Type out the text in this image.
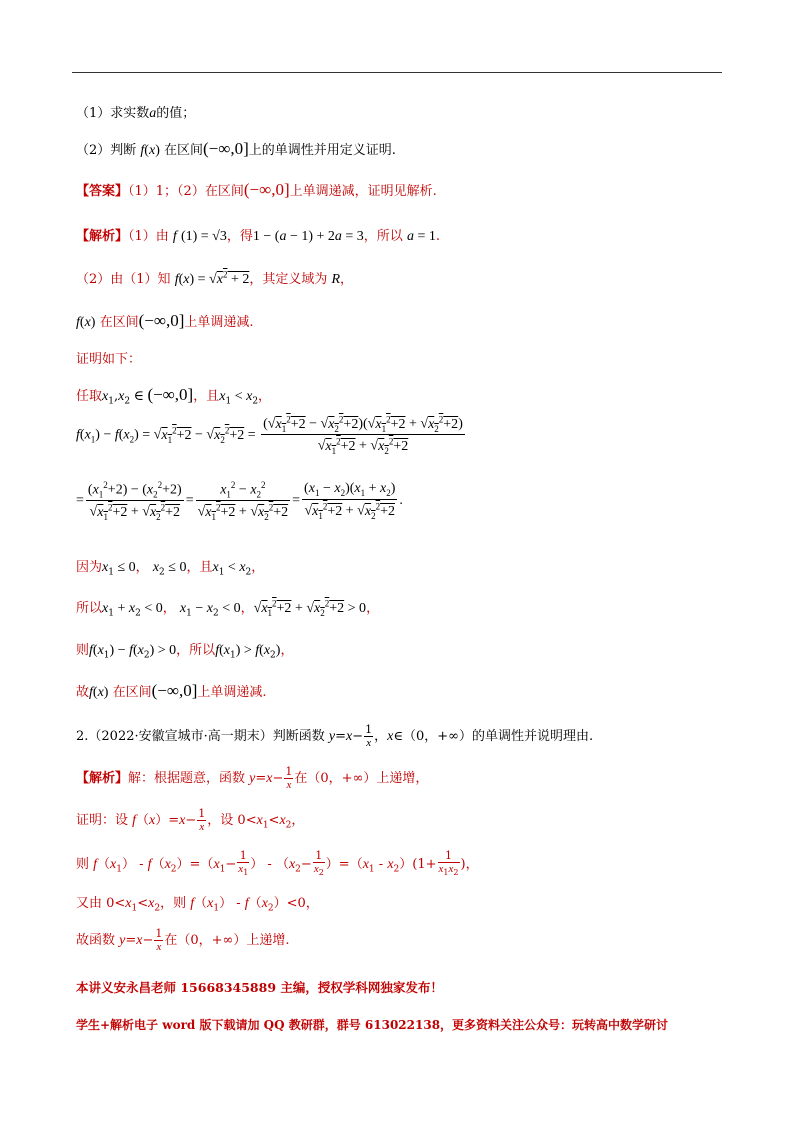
（1）求实数a的值；
（2）判断 f(x) 在区间(−∞,0]上的单调性并用定义证明.
【答案】（1）1；（2）在区间(−∞,0]上单调递减，证明见解析.
【解析】（1）由 f (1) = √3，得1 − (a − 1) + 2a = 3，所以 a = 1.
（2）由（1）知 $f(x) = √x^2 + 2$，其定义域为 R，
f(x) 在区间(−∞,0]上单调递减.
证明如下：
任取$x_1,x_2$ ∈ (−∞,0]，且$x_1 < x_2$，
$f(x_1) - f(x_2) = √x_1^2+2 - √x_2^2+2 = \frac{(√x_1^2+2 - √x_2^2+2)(√x_1^2+2 + √x_2^2+2)}{√x_1^2+2 + √x_2^2+2}$
= $\frac{(x_1^2+2) - (x_2^2+2)}{√x_1^2+2 + √x_2^2+2} = \frac{x_1^2 - x_2^2}{√x_1^2+2 + √x_2^2+2} = \frac{(x_1 - x_2)(x_1 + x_2)}{√x_1^2+2 + √x_2^2+2}$ .
因为$x_1 \le 0$， $x_2 \le 0$，且$x_1 < x_2$，
所以$x_1 + x_2 < 0$， $x_1 - x_2 < 0$，$√x_1^2+2 + √x_2^2+2 > 0$，
则$f(x_1) - f(x_2) > 0$，所以$f(x_1) > f(x_2)$，
故f(x) 在区间(−∞,0]上单调递减.
2.（2022·安徽宣城市·高一期末）判断函数 $y=x- \frac{1}{x}$ ，x∈（0，+∞）的单调性并说明理由.
【解析】解：根据题意，函数 $y=x- \frac{1}{x}$ 在（0，+∞）上递增，
证明：设 $f(x)=x- \frac{1}{x}$ ，设 $0<x_1<x_2$，
则 $f(x_1) - f(x_2)=(x_1- \frac{1}{x_1}$ ） - $(x_2- \frac{1}{x_2} )=(x_1 - x_2)(1+ \frac{1}{x_1x_2}$ )，
又由 $0<x_1<x_2$，则 $f(x_1) - f(x_2)<0$，
故函数 $y=x- \frac{1}{x}$ 在（0，+∞）上递增.
本讲义安永昌老师 15668345889 主编，授权学科网独家发布！
学生+解析电子 word 版下载请加 QQ 教研群，群号 613022138，更多资料关注公众号：玩转高中数学研讨
